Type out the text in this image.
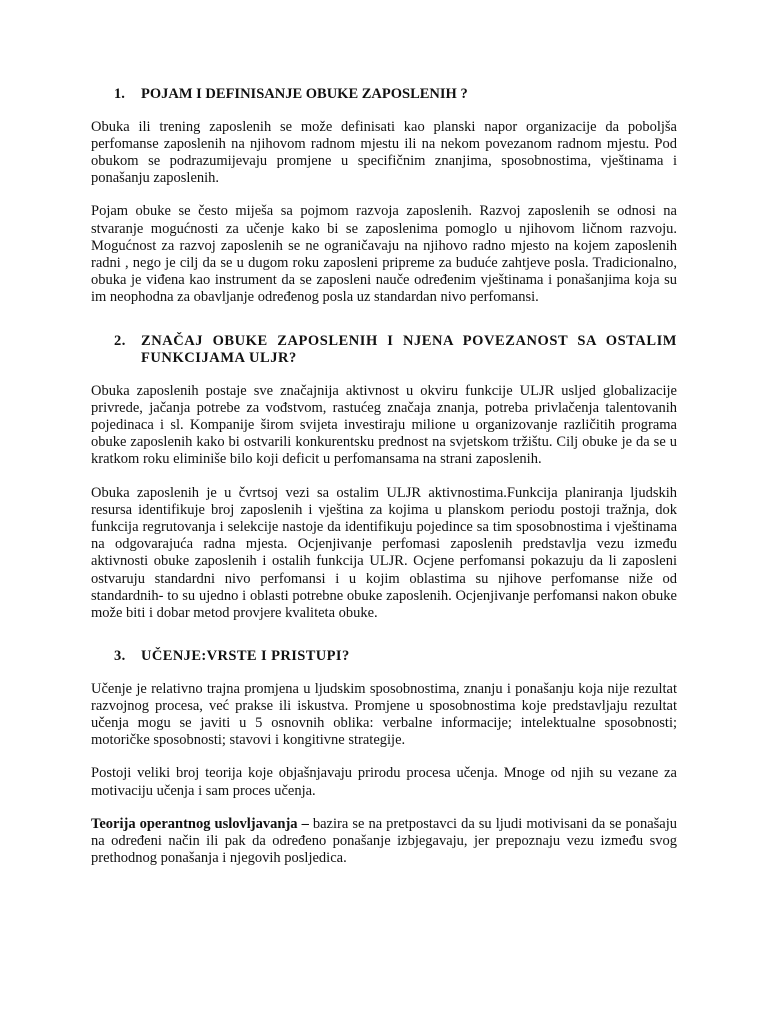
1.	POJAM I DEFINISANJE OBUKE ZAPOSLENIH ?

Obuka ili trening zaposlenih se može definisati kao planski napor organizacije da poboljša perfomanse zaposlenih na njihovom radnom mjestu ili na nekom povezanom radnom mjestu. Pod obukom se podrazumijevaju promjene u specifičnim znanjima, sposobnostima, vještinama i ponašanju zaposlenih.

Pojam obuke se često miješa sa pojmom razvoja zaposlenih. Razvoj zaposlenih se odnosi na stvaranje mogućnosti za učenje kako bi se zaposlenima pomoglo u njihovom ličnom razvoju. Mogućnost za razvoj zaposlenih se ne ograničavaju na njihovo radno mjesto na kojem zaposlenih radni , nego je cilj da se u dugom roku zaposleni pripreme za buduće zahtjeve posla. Tradicionalno, obuka je viđena kao instrument da se zaposleni nauče određenim vještinama i ponašanjima koja su im neophodna za obavljanje određenog posla uz standardan nivo perfomansi.

2.	ZNAČAJ OBUKE ZAPOSLENIH I NJENA POVEZANOST SA OSTALIM FUNKCIJAMA ULJR?

Obuka zaposlenih postaje sve značajnija aktivnost u okviru funkcije ULJR usljed globalizacije privrede, jačanja potrebe za vođstvom, rastućeg značaja znanja, potreba privlačenja talentovanih pojedinaca i sl. Kompanije širom svijeta investiraju milione u organizovanje različitih programa obuke zaposlenih kako bi ostvarili konkurentsku prednost na svjetskom tržištu. Cilj obuke je da se u kratkom roku eliminiše bilo koji deficit u perfomansama na strani zaposlenih.

Obuka zaposlenih je u čvrtsoj vezi sa ostalim ULJR aktivnostima.Funkcija planiranja ljudskih resursa identifikuje broj zaposlenih i vještina za kojima u planskom periodu postoji tražnja, dok funkcija regrutovanja i selekcije nastoje da identifikuju pojedince sa tim sposobnostima i vještinama na odgovarajuća radna mjesta. Ocjenjivanje perfomasi zaposlenih predstavlja vezu između aktivnosti obuke zaposlenih i ostalih funkcija ULJR. Ocjene perfomansi pokazuju da li zaposleni ostvaruju standardni nivo perfomansi i u kojim oblastima su njihove perfomanse niže od standardnih- to su ujedno i oblasti potrebne obuke zaposlenih. Ocjenjivanje perfomansi nakon obuke može biti i dobar metod provjere kvaliteta obuke.

3.	UČENJE:VRSTE I PRISTUPI?

Učenje je relativno trajna promjena u ljudskim sposobnostima, znanju i ponašanju koja nije rezultat razvojnog procesa, već prakse ili iskustva. Promjene u sposobnostima koje predstavljaju rezultat učenja mogu se javiti u 5 osnovnih oblika: verbalne informacije; intelektualne sposobnosti; motoričke sposobnosti; stavovi i kongitivne strategije.

Postoji veliki broj teorija koje objašnjavaju prirodu procesa učenja. Mnoge od njih su vezane za motivaciju učenja i sam proces učenja.

Teorija operantnog uslovljavanja – bazira se na pretpostavci da su ljudi motivisani da se ponašaju na određeni način ili pak da određeno ponašanje izbjegavaju, jer prepoznaju vezu između svog prethodnog ponašanja i njegovih posljedica.
